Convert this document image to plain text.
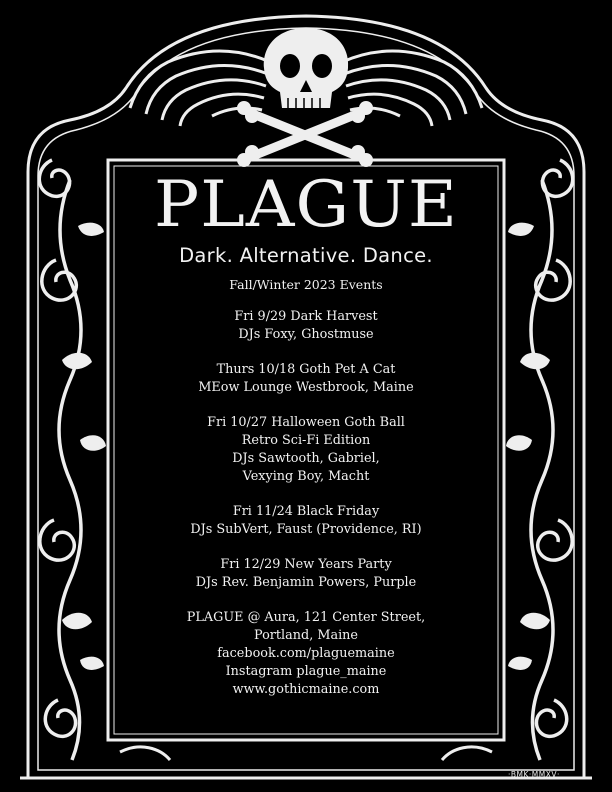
PLAGUE
Dark. Alternative. Dance.
Fall/Winter 2023 Events
Fri 9/29 Dark Harvest
DJs Foxy, Ghostmuse
Thurs 10/18 Goth Pet A Cat
MEow Lounge Westbrook, Maine
Fri 10/27 Halloween Goth Ball
Retro Sci-Fi Edition
DJs Sawtooth, Gabriel,
Vexying Boy, Macht
Fri 11/24 Black Friday
DJs SubVert, Faust (Providence, RI)
Fri 12/29 New Years Party
DJs Rev. Benjamin Powers, Purple
PLAGUE @ Aura, 121 Center Street,
Portland, Maine
facebook.com/plaguemaine
Instagram plague_maine
www.gothicmaine.com
·BMK·MMXV·
